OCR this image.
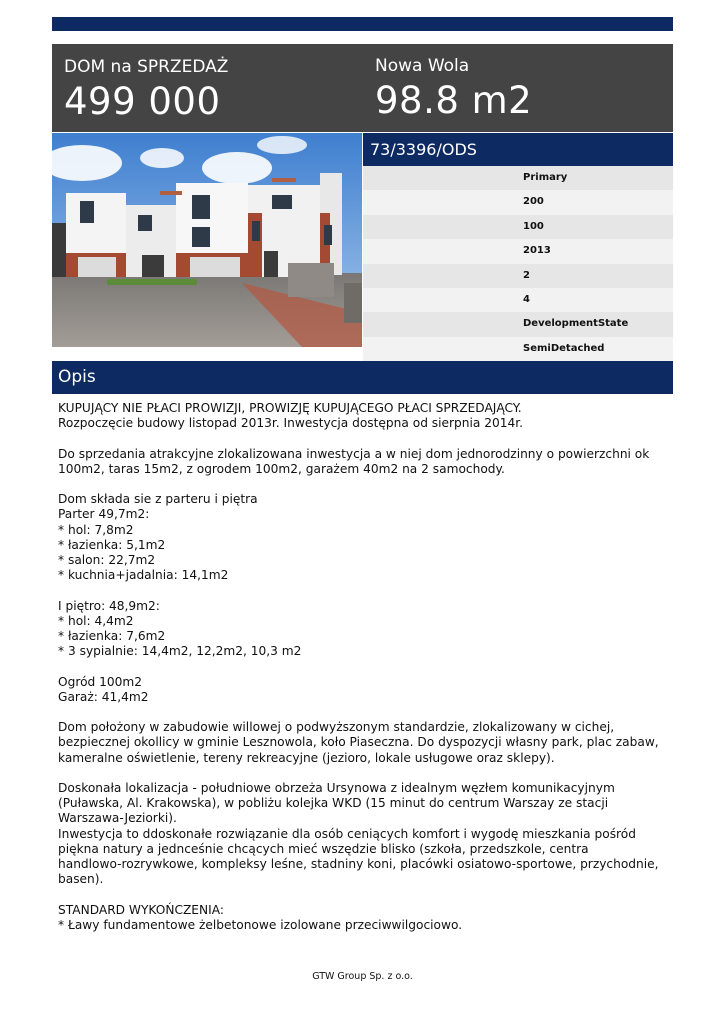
DOM na SPRZEDAŻ
499 000
Nowa Wola
98.8 m2
73/3396/ODS
Primary
200
100
2013
2
4
DevelopmentState
SemiDetached
Opis

KUPUJĄCY NIE PŁACI PROWIZJI, PROWIZJĘ KUPUJĄCEGO PŁACI SPRZEDAJĄCY.
Rozpoczęcie budowy listopad 2013r. Inwestycja dostępna od sierpnia 2014r.

Do sprzedania atrakcyjne zlokalizowana inwestycja a w niej dom jednorodzinny o powierzchni ok
100m2, taras 15m2, z ogrodem 100m2, garażem 40m2 na 2 samochody.

Dom składa sie z parteru i piętra
Parter 49,7m2:
* hol: 7,8m2
* łazienka: 5,1m2
* salon: 22,7m2
* kuchnia+jadalnia: 14,1m2

I piętro: 48,9m2:
* hol: 4,4m2
* łazienka: 7,6m2
* 3 sypialnie: 14,4m2, 12,2m2, 10,3 m2

Ogród 100m2
Garaż: 41,4m2

Dom położony w zabudowie willowej o podwyższonym standardzie, zlokalizowany w cichej,
bezpiecznej okollicy w gminie Lesznowola, koło Piaseczna. Do dyspozycji własny park, plac zabaw,
kameralne oświetlenie, tereny rekreacyjne (jezioro, lokale usługowe oraz sklepy).

Doskonała lokalizacja - południowe obrzeża Ursynowa z idealnym węzłem komunikacyjnym
(Puławska, Al. Krakowska), w pobliżu kolejka WKD (15 minut do centrum Warszay ze stacji
Warszawa-Jeziorki).
Inwestycja to ddoskonałe rozwiązanie dla osób ceniących komfort i wygodę mieszkania pośród
piękna natury a jednceśnie chcących mieć wszędzie blisko (szkoła, przedszkole, centra
handlowo-rozrywkowe, kompleksy leśne, stadniny koni, placówki osiatowo-sportowe, przychodnie,
basen).

STANDARD WYKOŃCZENIA:
* Ławy fundamentowe żelbetonowe izolowane przeciwwilgociowo.

GTW Group Sp. z o.o.
